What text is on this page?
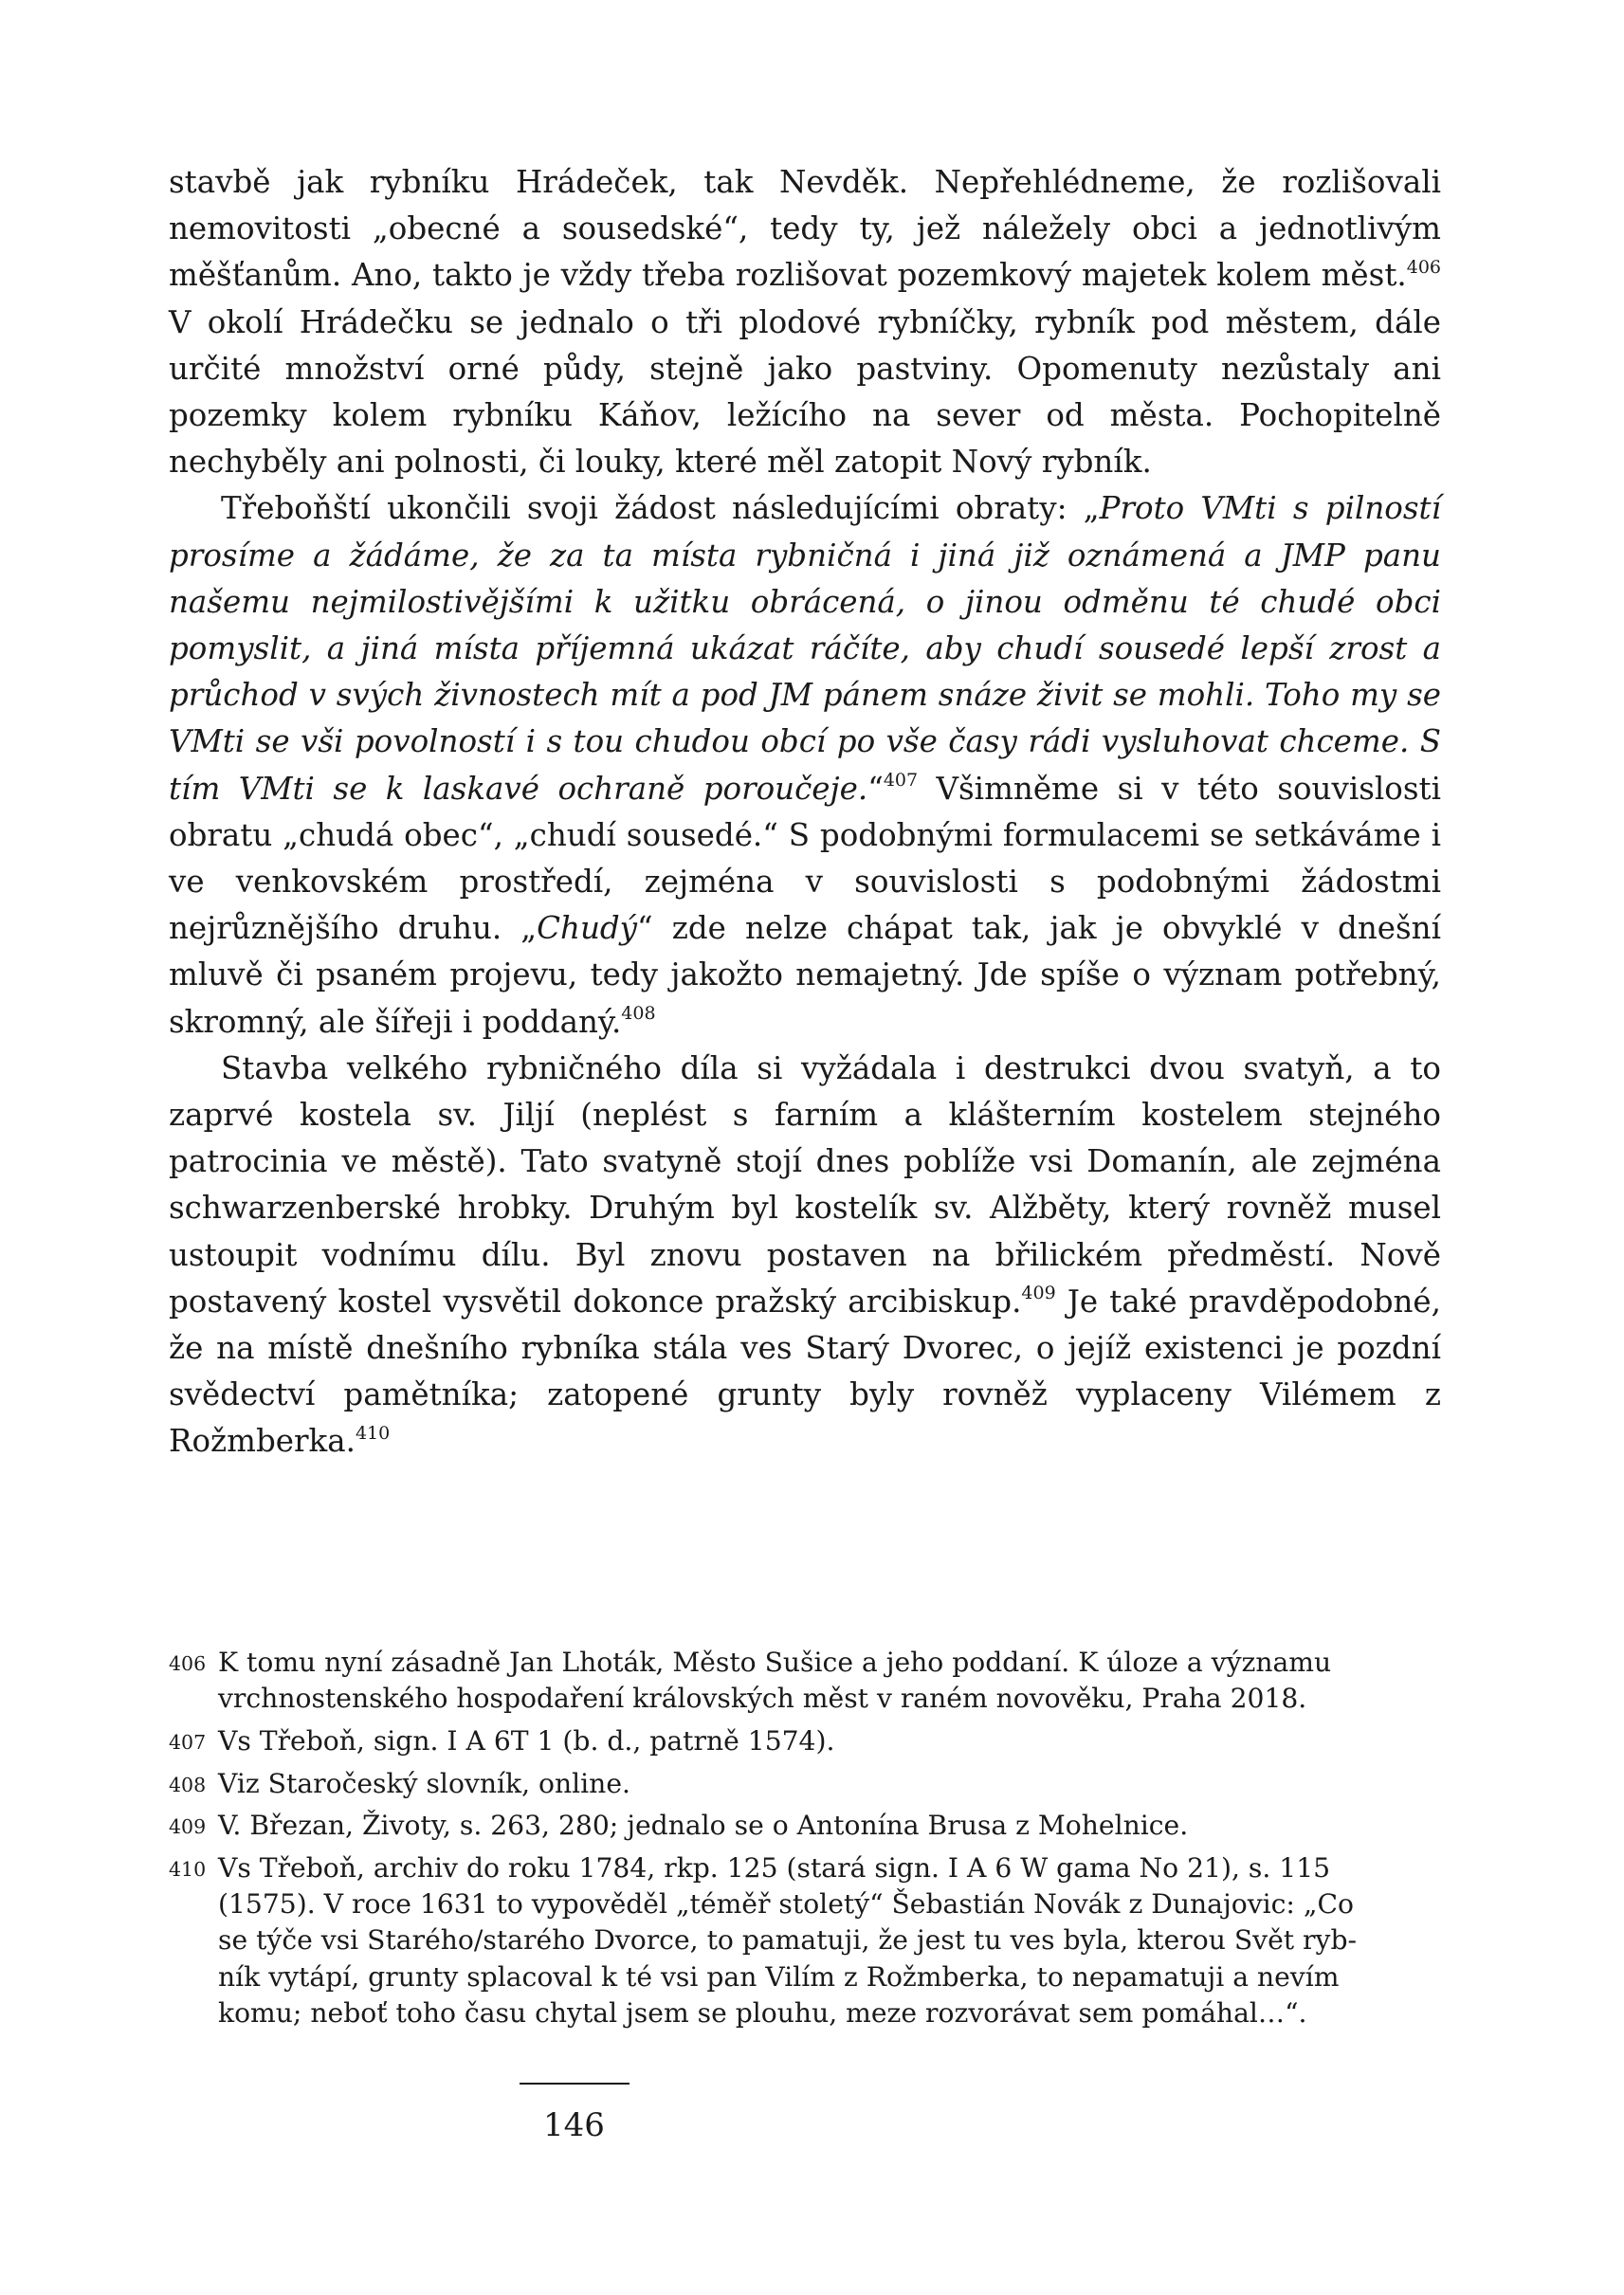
stavbě jak rybníku Hrádeček, tak Nevděk. Nepřehlédneme, že rozlišovali nemovitosti „obecné a sousedské“, tedy ty, jež náležely obci a jednotlivým měšťanům. Ano, takto je vždy třeba rozlišovat pozemkový majetek kolem měst.$^{406}$ V okolí Hrádečku se jednalo o tři plodové rybníčky, rybník pod městem, dále určité množství orné půdy, stejně jako pastviny. Opomenuty nezůstaly ani pozemky kolem rybníku Káňov, ležícího na sever od města. Pochopitelně nechyběly ani polnosti, či louky, které měl zatopit Nový rybník.

Třeboňští ukončili svoji žádost následujícími obraty: „Proto VMti s pilností prosíme a žádáme, že za ta místa rybničná i jiná již oznámená a JMP panu našemu nejmilostivějšími k užitku obrácená, o jinou odměnu té chudé obci pomyslit, a jiná místa příjemná ukázat ráčíte, aby chudí sousedé lepší zrost a průchod v svých živnostech mít a pod JM pánem snáze živit se mohli. Toho my se VMti se vši povolností i s tou chudou obcí po vše časy rádi vysluhovat chceme. S tím VMti se k laskavé ochraně poroučeje.“$^{407}$ Všimněme si v této souvislosti obratu „chudá obec“, „chudí sousedé.“ S podobnými formulacemi se setkáváme i ve venkovském prostředí, zejména v souvislosti s podobnými žádostmi nejrůznějšího druhu. „Chudý“ zde nelze chápat tak, jak je obvyklé v dnešní mluvě či psaném projevu, tedy jakožto nemajetný. Jde spíše o význam potřebný, skromný, ale šířeji i poddaný.$^{408}$

Stavba velkého rybničného díla si vyžádala i destrukci dvou svatyň, a to zaprvé kostela sv. Jiljí (neplést s farním a klášterním kostelem stejného patrocinia ve městě). Tato svatyně stojí dnes poblíže vsi Domanín, ale zejména schwarzenberské hrobky. Druhým byl kostelík sv. Alžběty, který rovněž musel ustoupit vodnímu dílu. Byl znovu postaven na břilickém předměstí. Nově postavený kostel vysvětil dokonce pražský arcibiskup.$^{409}$ Je také pravděpodobné, že na místě dnešního rybníka stála ves Starý Dvorec, o jejíž existenci je pozdní svědectví pamětníka; zatopené grunty byly rovněž vyplaceny Vilémem z Rožmberka.$^{410}$

406 K tomu nyní zásadně Jan Lhoták, Město Sušice a jeho poddaní. K úloze a významu
vrchnostenského hospodaření královských měst v raném novověku, Praha 2018.
407 Vs Třeboň, sign. I A 6T 1 (b. d., patrně 1574).
408 Viz Staročeský slovník, online.
409 V. Březan, Životy, s. 263, 280; jednalo se o Antonína Brusa z Mohelnice.
410 Vs Třeboň, archiv do roku 1784, rkp. 125 (stará sign. I A 6 W gama No 21), s. 115
(1575). V roce 1631 to vypověděl „téměř stoletý“ Šebastián Novák z Dunajovic: „Co
se týče vsi Starého/starého Dvorce, to pamatuji, že jest tu ves byla, kterou Svět ryb-
ník vytápí, grunty splacoval k té vsi pan Vilím z Rožmberka, to nepamatuji a nevím
komu; neboť toho času chytal jsem se plouhu, meze rozvorávat sem pomáhal…“.
146
